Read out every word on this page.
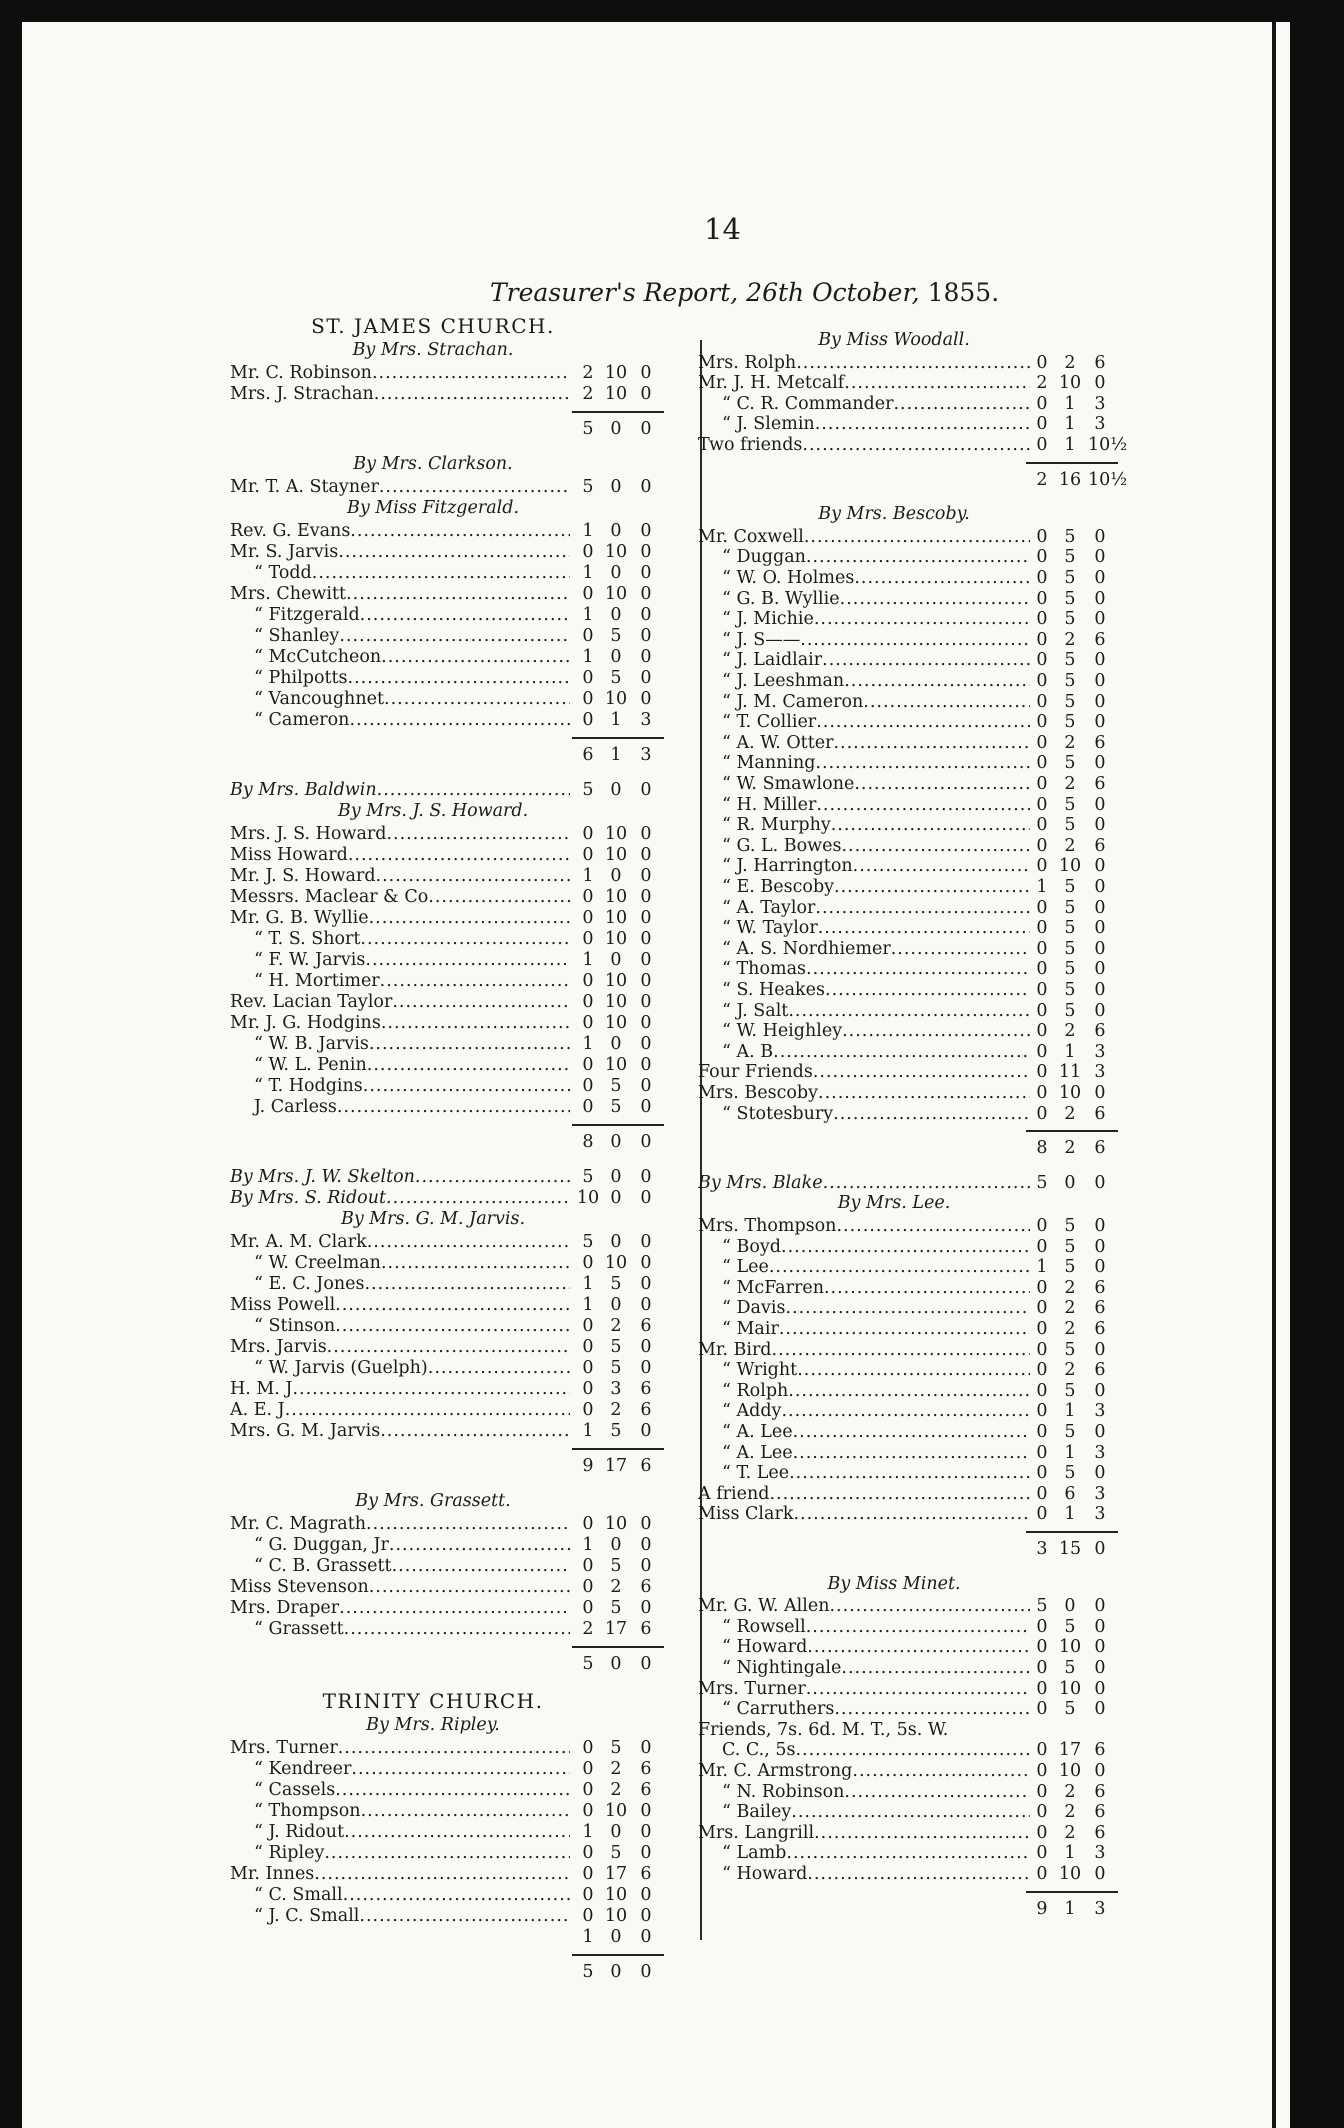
14
Treasurer's Report, 26th October, 1855.
ST. JAMES CHURCH.
By Mrs. Strachan.
Mr. C. Robinson .....	2 10 0
Mrs. J. Strachan .....	2 10 0
5 0	0
By Mrs. Clarkson.
Mr. T. A. Stayner .....	5 0	0
By Miss Fitzgerald.
Rev. G. Evans .....	1 0	0
Mr. S. Jarvis .....	0 10 0
“ Todd .....	1 0	0
Mrs. Chewitt .....	0 10 0
“ Fitzgerald .....	1 0	0
“ Shanley .....	0 5	0
“ McCutcheon .....	1 0	0
“ Philpotts .....	0 5	0
“ Vancoughnet .....	0 10 0
“ Cameron .....	0 1	3
6 1	3
By Mrs. Baldwin .....	5 0	0
By Mrs. J. S. Howard.
Mrs. J. S. Howard .....	0 10 0
Miss Howard .....	0 10 0
Mr. J. S. Howard .....	1 0	0
Messrs. Maclear & Co .....	0 10 0
Mr. G. B. Wyllie .....	0 10 0
“ T. S. Short .....	0 10 0
“ F. W. Jarvis .....	1 0	0
“ H. Mortimer .....	0 10 0
Rev. Lacian Taylor .....	0 10 0
Mr. J. G. Hodgins .....	0 10 0
“ W. B. Jarvis .....	1 0	0
“ W. L. Penin .....	0 10 0
“ T. Hodgins .....	0 5	0
J. Carless .....	0 5	0
8 0	0
By Mrs. J. W. Skelton .....	5 0	0
By Mrs. S. Ridout .....	10 0	0
By Mrs. G. M. Jarvis.
Mr. A. M. Clark .....	5 0	0
“ W. Creelman .....	0 10 0
“ E. C. Jones .....	1 5	0
Miss Powell .....	1 0	0
“ Stinson .....	0 2	6
Mrs. Jarvis .....	0 5	0
“ W. Jarvis (Guelph) .....	0 5	0
H. M. J .....	0 3	6
A. E. J .....	0 2	6
Mrs. G. M. Jarvis .....	1 5	0
9 17 6
By Mrs. Grassett.
Mr. C. Magrath .....	0 10 0
“ G. Duggan, Jr .....	1 0	0
“ C. B. Grassett .....	0 5	0
Miss Stevenson .....	0 2	6
Mrs. Draper .....	0 5	0
“ Grassett .....	2 17 6
5 0	0
TRINITY CHURCH.
By Mrs. Ripley.
Mrs. Turner .....	0 5	0
“ Kendreer .....	0 2	6
“ Cassels .....	0 2	6
“ Thompson .....	0 10 0
“ J. Ridout .....	1 0	0
“ Ripley .....	0 5	0
Mr. Innes .....	0 17 6
“ C. Small .....	0 10 0
“ J. C. Small .....	0 10 0
1 0	0
5 0	0
By Miss Woodall.
Mrs. Rolph .....	0 2	6
Mr. J. H. Metcalf .....	2 10 0
“ C. R. Commander .....	0 1	3
“ J. Slemin .....	0 1	3
Two friends .....	0 1 10½
2 16 10½
By Mrs. Bescoby.
Mr. Coxwell .....	0 5	0
“ Duggan .....	0 5	0
“ W. O. Holmes .....	0 5	0
“ G. B. Wyllie .....	0 5	0
“ J. Michie .....	0 5	0
“ J. S—— .....	0 2	6
“ J. Laidlair .....	0 5	0
“ J. Leeshman .....	0 5	0
“ J. M. Cameron .....	0 5	0
“ T. Collier .....	0 5	0
“ A. W. Otter .....	0 2	6
“ Manning .....	0 5	0
“ W. Smawlone .....	0 2	6
“ H. Miller .....	0 5	0
“ R. Murphy .....	0 5	0
“ G. L. Bowes .....	0 2	6
“ J. Harrington .....	0 10 0
“ E. Bescoby .....	1 5	0
“ A. Taylor .....	0 5	0
“ W. Taylor .....	0 5	0
“ A. S. Nordhiemer .....	0 5	0
“ Thomas .....	0 5	0
“ S. Heakes .....	0 5	0
“ J. Salt .....	0 5	0
“ W. Heighley .....	0 2	6
“ A. B .....	0 1	3
Four Friends .....	0 11 3
Mrs. Bescoby .....	0 10 0
“ Stotesbury .....	0 2	6
8 2	6
By Mrs. Blake .....	5 0	0
By Mrs. Lee.
Mrs. Thompson .....	0 5	0
“ Boyd .....	0 5	0
“ Lee .....	1 5	0
“ McFarren .....	0 2	6
“ Davis .....	0 2	6
“ Mair .....	0 2	6
Mr. Bird .....	0 5	0
“ Wright .....	0 2	6
“ Rolph .....	0 5	0
“ Addy .....	0 1	3
“ A. Lee .....	0 5	0
“ A. Lee .....	0 1	3
“ T. Lee .....	0 5	0
A friend .....	0 6	3
Miss Clark .....	0 1	3
3 15 0
By Miss Minet.
Mr. G. W. Allen .....	5 0	0
“ Rowsell .....	0 5	0
“ Howard .....	0 10 0
“ Nightingale .....	0 5	0
Mrs. Turner .....	0 10 0
“ Carruthers .....	0 5	0
Friends, 7s. 6d. M. T., 5s. W.
C. C., 5s .....	0 17 6
Mr. C. Armstrong .....	0 10 0
“ N. Robinson .....	0 2	6
“ Bailey .....	0 2	6
Mrs. Langrill .....	0 2	6
“ Lamb .....	0 1	3
“ Howard .....	0 10 0
9 1	3
